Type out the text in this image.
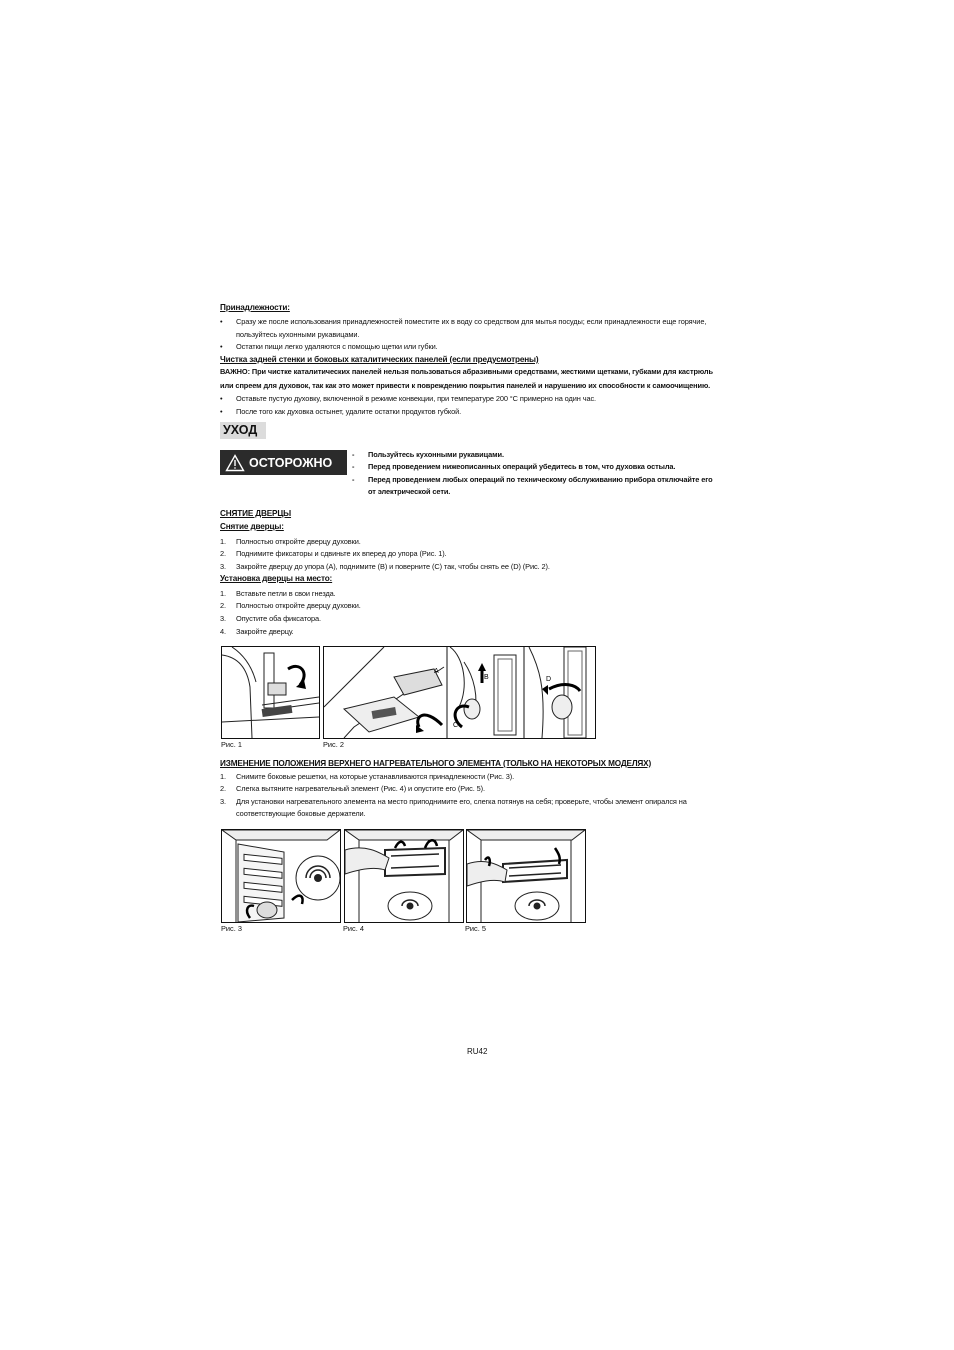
Принадлежности:
•	Сразу же после использования принадлежностей поместите их в воду со средством для мытья посуды; если принадлежности еще горячие,
пользуйтесь кухонными рукавицами.
•	Остатки пищи легко удаляются с помощью щетки или губки.
Чистка задней стенки и боковых каталитических панелей (если предусмотрены)
ВАЖНО: При чистке каталитических панелей нельзя пользоваться абразивными средствами, жесткими щетками, губками для кастрюль
или спреем для духовок, так как это может привести к повреждению покрытия панелей и нарушению их способности к самоочищению.
•	Оставьте пустую духовку, включенной в режиме конвекции, при температуре 200 °C примерно на один час.
•	После того как духовка остынет, удалите остатки продуктов губкой.
УХОД
ОСТОРОЖНО
-	Пользуйтесь кухонными рукавицами.
-	Перед проведением нижеописанных операций убедитесь в том, что духовка остыла.
-	Перед проведением любых операций по техническому обслуживанию прибора отключайте его
от электрической сети.
СНЯТИЕ ДВЕРЦЫ
Снятие дверцы:
1.	Полностью откройте дверцу духовки.
2.	Поднимите фиксаторы и сдвиньте их вперед до упора (Рис. 1).
3.	Закройте дверцу до упора (A), поднимите (B) и поверните (C) так, чтобы снять ее (D) (Рис. 2).
Установка дверцы на место:
1.	Вставьте петли в свои гнезда.
2.	Полностью откройте дверцу духовки.
3.	Опустите оба фиксатора.
4.	Закройте дверцу.
A
B
C
D
Рис. 1	Рис. 2
ИЗМЕНЕНИЕ ПОЛОЖЕНИЯ ВЕРХНЕГО НАГРЕВАТЕЛЬНОГО ЭЛЕМЕНТА (ТОЛЬКО НА НЕКОТОРЫХ МОДЕЛЯХ)
1.	Снимите боковые решетки, на которые устанавливаются принадлежности (Рис. 3).
2.	Слегка вытяните нагревательный элемент (Рис. 4) и опустите его (Рис. 5).
3.	Для установки нагревательного элемента на место приподнимите его, слегка потянув на себя; проверьте, чтобы элемент опирался на
соответствующие боковые держатели.
Рис. 3	Рис. 4	Рис. 5
RU42
